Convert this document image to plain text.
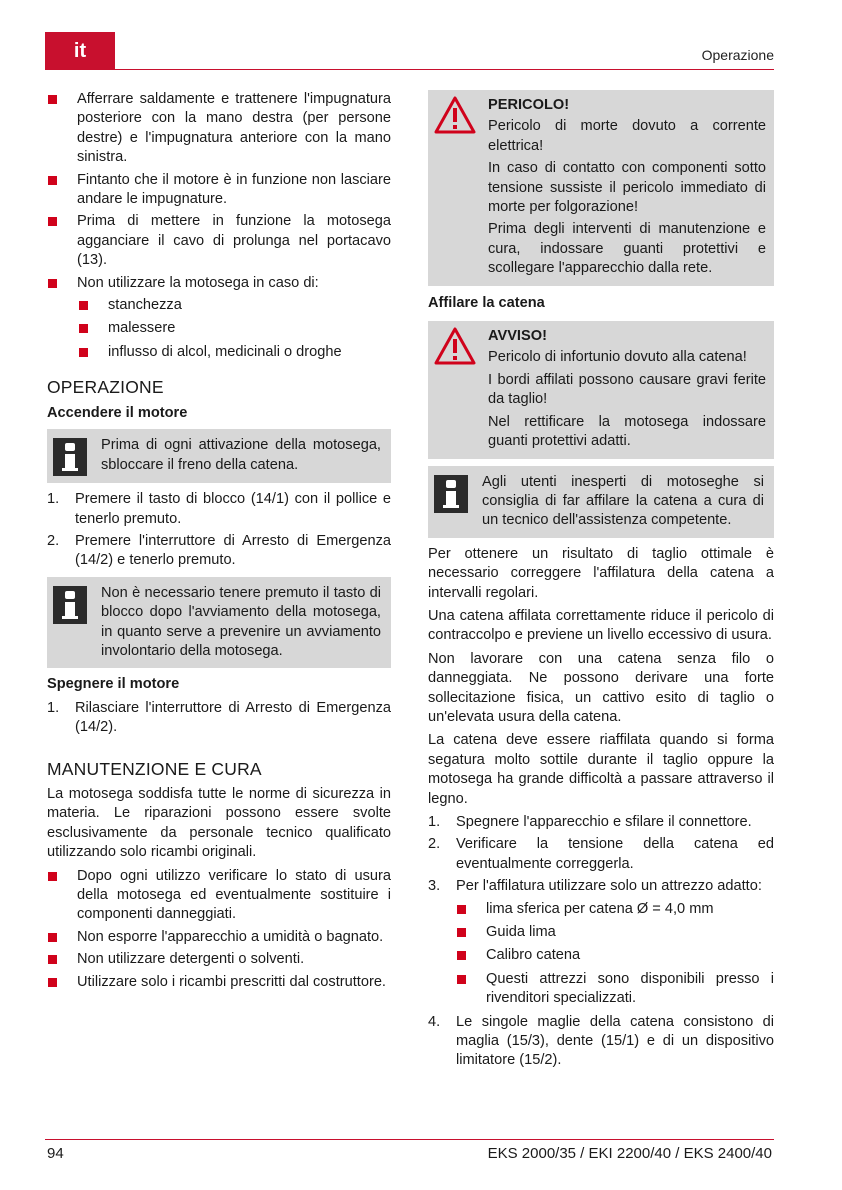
it	Operazione
Afferrare saldamente e trattenere l'impugnatura posteriore con la mano destra (per persone destre) e l'impugnatura anteriore con la mano sinistra.
Fintanto che il motore è in funzione non lasciare andare le impugnature.
Prima di mettere in funzione la motosega agganciare il cavo di prolunga nel portacavo (13).
Non utilizzare la motosega in caso di:
stanchezza
malessere
influsso di alcol, medicinali o droghe
OPERAZIONE
Accendere il motore
Prima di ogni attivazione della motosega, sbloccare il freno della catena.
1. Premere il tasto di blocco (14/1) con il pollice e tenerlo premuto.
2. Premere l'interruttore di Arresto di Emergenza (14/2) e tenerlo premuto.
Non è necessario tenere premuto il tasto di blocco dopo l'avviamento della motosega, in quanto serve a prevenire un avviamento involontario della motosega.
Spegnere il motore
1. Rilasciare l'interruttore di Arresto di Emergenza (14/2).
MANUTENZIONE E CURA

La motosega soddisfa tutte le norme di sicurezza in materia. Le riparazioni possono essere svolte esclusivamente da personale tecnico qualificato utilizzando solo ricambi originali.

Dopo ogni utilizzo verificare lo stato di usura della motosega ed eventualmente sostituire i componenti danneggiati.
Non esporre l'apparecchio a umidità o bagnato.
Non utilizzare detergenti o solventi.
Utilizzare solo i ricambi prescritti dal costruttore.
PERICOLO!

Pericolo di morte dovuto a corrente elettrica!

In caso di contatto con componenti sotto tensione sussiste il pericolo immediato di morte per folgorazione!

Prima degli interventi di manutenzione e cura, indossare guanti protettivi e scollegare l'apparecchio dalla rete.

Affilare la catena
AVVISO!

Pericolo di infortunio dovuto alla catena!

I bordi affilati possono causare gravi ferite da taglio!

Nel rettificare la motosega indossare guanti protettivi adatti.

Agli utenti inesperti di motoseghe si consiglia di far affilare la catena a cura di un tecnico dell'assistenza competente.

Per ottenere un risultato di taglio ottimale è necessario correggere l'affilatura della catena a intervalli regolari.

Una catena affilata correttamente riduce il pericolo di contraccolpo e previene un livello eccessivo di usura.

Non lavorare con una catena senza filo o danneggiata. Ne possono derivare una forte sollecitazione fisica, un cattivo esito di taglio o un'elevata usura della catena.

La catena deve essere riaffilata quando si forma segatura molto sottile durante il taglio oppure la motosega ha grande difficoltà a passare attraverso il legno.

1. Spegnere l'apparecchio e sfilare il connettore.
2. Verificare la tensione della catena ed eventualmente correggerla.
3. Per l'affilatura utilizzare solo un attrezzo adatto:
lima sferica per catena Ø = 4,0 mm
Guida lima
Calibro catena
Questi attrezzi sono disponibili presso i rivenditori specializzati.
4. Le singole maglie della catena consistono di maglia (15/3), dente (15/1) e di un dispositivo limitatore (15/2).
94	EKS 2000/35 / EKI 2200/40 / EKS 2400/40
